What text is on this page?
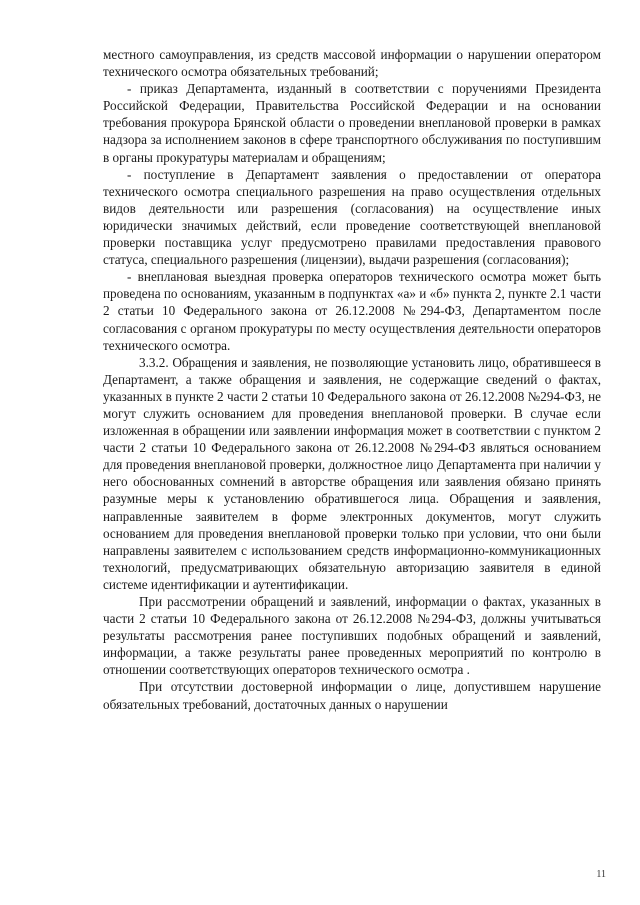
местного самоуправления, из средств массовой информации о нарушении оператором технического осмотра обязательных требований;

- приказ Департамента, изданный в соответствии с поручениями Президента Российской Федерации, Правительства Российской Федерации и на основании требования прокурора Брянской области о проведении внеплановой проверки в рамках надзора за исполнением законов в сфере транспортного обслуживания по поступившим в органы прокуратуры материалам и обращениям;

- поступление в Департамент заявления о предоставлении от оператора технического осмотра специального разрешения на право осуществления отдельных видов деятельности или разрешения (согласования) на осуществление иных юридически значимых действий, если проведение соответствующей внеплановой проверки поставщика услуг предусмотрено правилами предоставления правового статуса, специального разрешения (лицензии), выдачи разрешения (согласования);

- внеплановая выездная проверка операторов технического осмотра может быть проведена по основаниям, указанным в подпунктах «а» и «б» пункта 2, пункте 2.1 части 2 статьи 10 Федерального закона от 26.12.2008 №294-ФЗ, Департаментом после согласования с органом прокуратуры по месту осуществления деятельности операторов технического осмотра.

3.3.2. Обращения и заявления, не позволяющие установить лицо, обратившееся в Департамент, а также обращения и заявления, не содержащие сведений о фактах, указанных в пункте 2 части 2 статьи 10 Федерального закона от 26.12.2008 №294-ФЗ, не могут служить основанием для проведения внеплановой проверки. В случае если изложенная в обращении или заявлении информация может в соответствии с пунктом 2 части 2 статьи 10 Федерального закона от 26.12.2008 №294-ФЗ являться основанием для проведения внеплановой проверки, должностное лицо Департамента при наличии у него обоснованных сомнений в авторстве обращения или заявления обязано принять разумные меры к установлению обратившегося лица. Обращения и заявления, направленные заявителем в форме электронных документов, могут служить основанием для проведения внеплановой проверки только при условии, что они были направлены заявителем с использованием средств информационно-коммуникационных технологий, предусматривающих обязательную авторизацию заявителя в единой системе идентификации и аутентификации.

При рассмотрении обращений и заявлений, информации о фактах, указанных в части 2 статьи 10 Федерального закона от 26.12.2008 №294-ФЗ, должны учитываться результаты рассмотрения ранее поступивших подобных обращений и заявлений, информации, а также результаты ранее проведенных мероприятий по контролю в отношении соответствующих операторов технического осмотра .

При отсутствии достоверной информации о лице, допустившем нарушение обязательных требований, достаточных данных о нарушении

11
